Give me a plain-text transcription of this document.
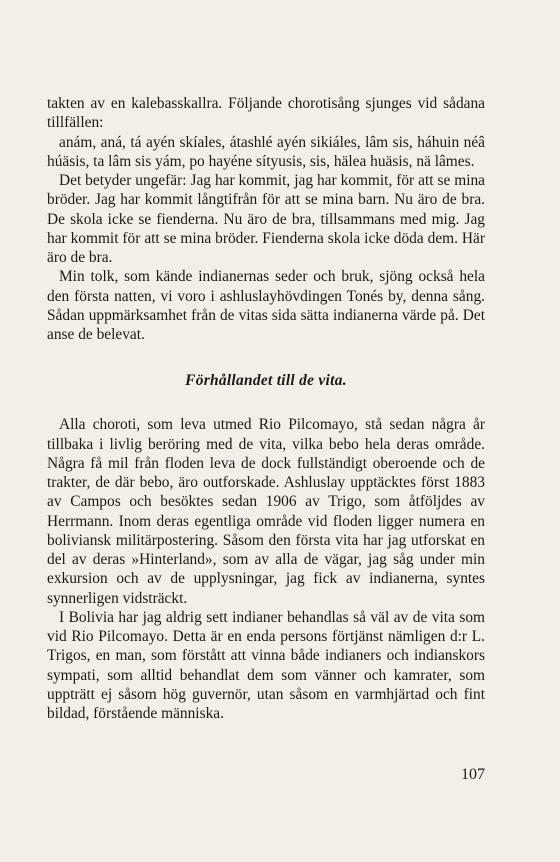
takten av en kalebasskallra. Följande chorotisång sjunges vid sådana tillfällen:

anám, aná, tá ayén skíales, átashlé ayén sikiáles, lâm sis, háhuin néâ húäsis, ta lâm sis yám, po hayéne sítyusis, sis, hälea huäsis, nä lâmes.

Det betyder ungefär: Jag har kommit, jag har kommit, för att se mina bröder. Jag har kommit långtifrån för att se mina barn. Nu äro de bra. De skola icke se fienderna. Nu äro de bra, tillsammans med mig. Jag har kommit för att se mina bröder. Fienderna skola icke döda dem. Här äro de bra.

Min tolk, som kände indianernas seder och bruk, sjöng också hela den första natten, vi voro i ashluslayhövdingen Tonés by, denna sång. Sådan uppmärksamhet från de vitas sida sätta indianerna värde på. Det anse de belevat.

Förhållandet till de vita.

Alla choroti, som leva utmed Rio Pilcomayo, stå sedan några år tillbaka i livlig beröring med de vita, vilka bebo hela deras område. Några få mil från floden leva de dock fullständigt oberoende och de trakter, de där bebo, äro outforskade. Ashluslay upptäcktes först 1883 av Campos och besöktes sedan 1906 av Trigo, som åtföljdes av Herrmann. Inom deras egentliga område vid floden ligger numera en boliviansk militärpostering. Såsom den första vita har jag utforskat en del av deras »Hinterland», som av alla de vägar, jag såg under min exkursion och av de upplysningar, jag fick av indianerna, syntes synnerligen vidsträckt.

I Bolivia har jag aldrig sett indianer behandlas så väl av de vita som vid Rio Pilcomayo. Detta är en enda persons förtjänst nämligen d:r L. Trigos, en man, som förstått att vinna både indianers och indianskors sympati, som alltid behandlat dem som vänner och kamrater, som uppträtt ej såsom hög guvernör, utan såsom en varmhjärtad och fint bildad, förstående människa.

107
